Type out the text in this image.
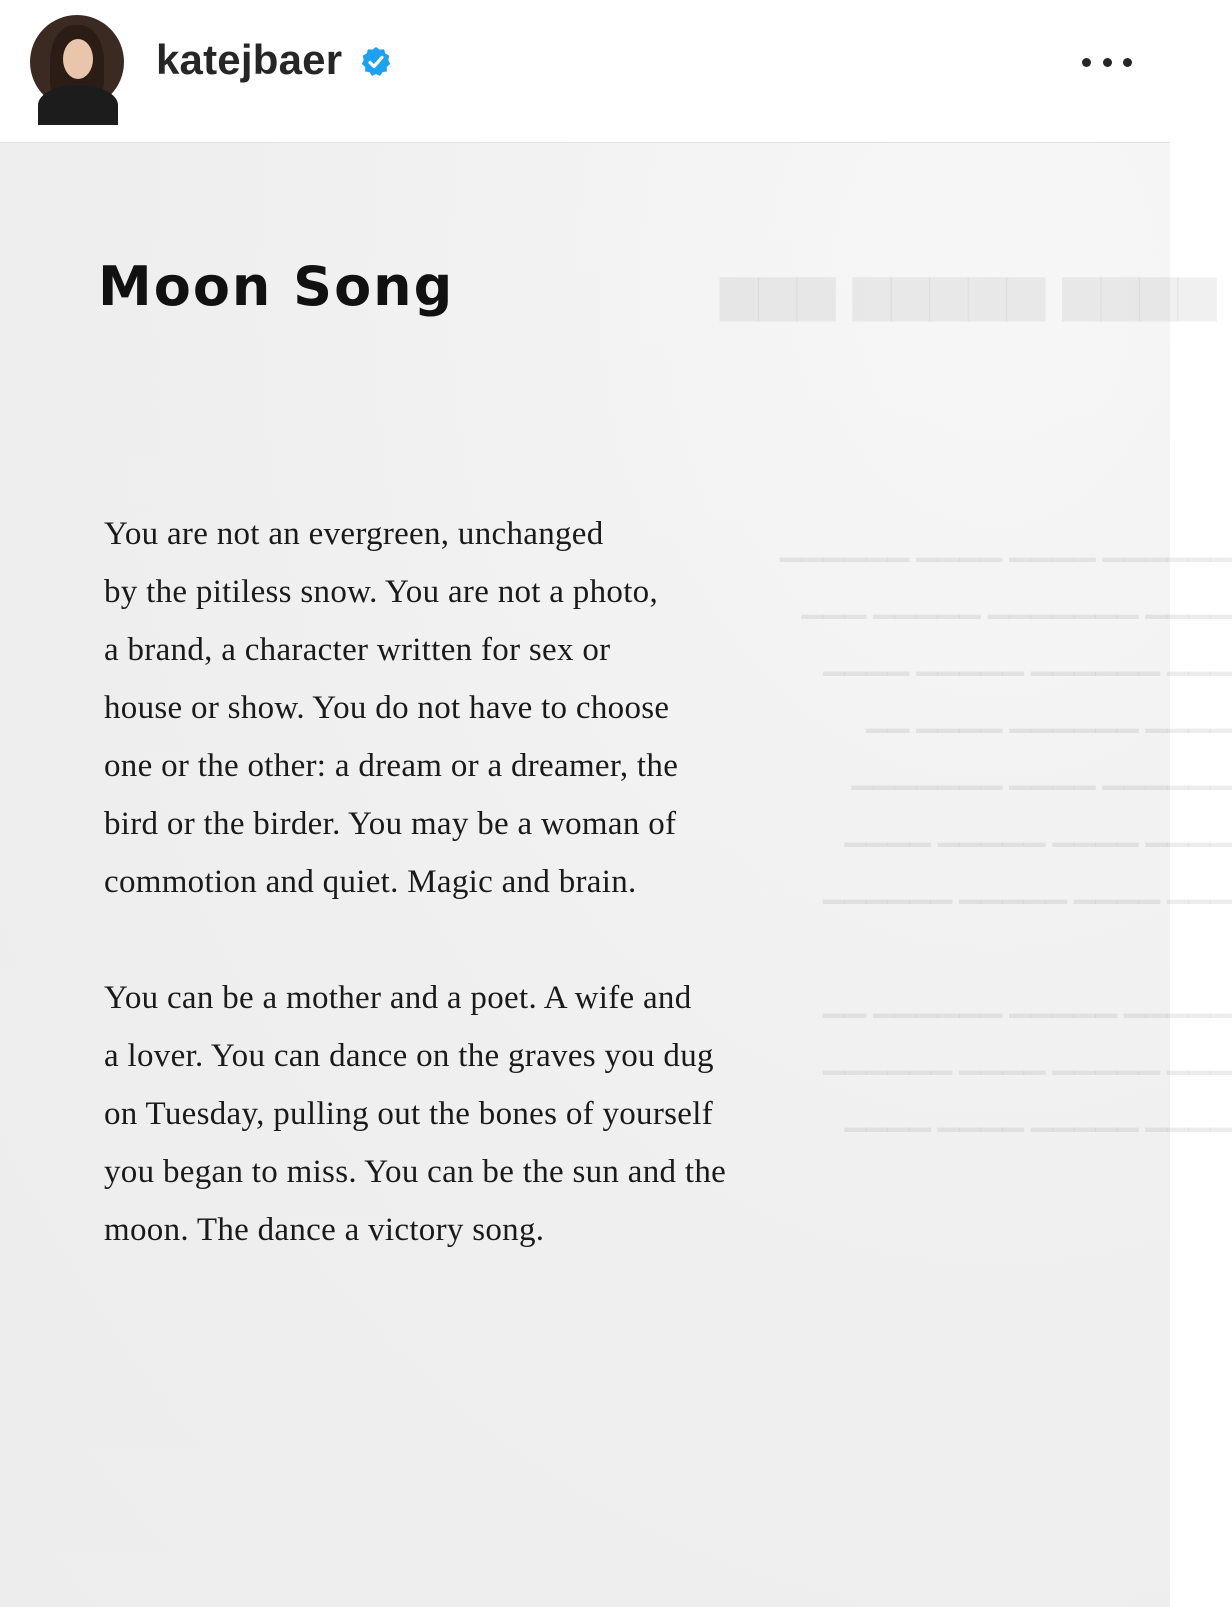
katejbaer
▆▆▆▆ ▆▆▆▆▆ ▆▆▆
▁▁▁▁▁▁ ▁▁▁▁ ▁▁▁▁ ▁▁▁▁▁▁
▁▁▁▁ ▁▁▁▁▁▁▁ ▁▁▁▁▁ ▁▁▁
▁▁▁ ▁▁▁▁▁▁ ▁▁▁▁▁ ▁▁▁▁
▁▁▁▁ ▁▁▁▁▁▁ ▁▁▁▁ ▁▁
▁▁▁▁▁▁ ▁▁▁▁ ▁▁▁▁▁▁▁
▁▁▁▁ ▁▁▁▁ ▁▁▁▁▁ ▁▁▁▁
▁▁▁ ▁▁▁▁ ▁▁▁▁▁ ▁▁▁▁▁▁

▁▁▁▁▁ ▁▁▁▁▁ ▁▁▁▁▁▁ ▁▁
▁▁▁ ▁▁▁▁▁ ▁▁▁▁ ▁▁▁▁▁▁
▁▁▁▁ ▁▁▁▁▁ ▁▁▁▁ ▁▁▁▁
Moon Song
You are not an evergreen, unchanged
by the pitiless snow. You are not a photo,
a brand, a character written for sex or
house or show. You do not have to choose
one or the other: a dream or a dreamer, the
bird or the birder. You may be a woman of
commotion and quiet. Magic and brain.
You can be a mother and a poet. A wife and
a lover. You can dance on the graves you dug
on Tuesday, pulling out the bones of yourself
you began to miss. You can be the sun and the
moon. The dance a victory song.
